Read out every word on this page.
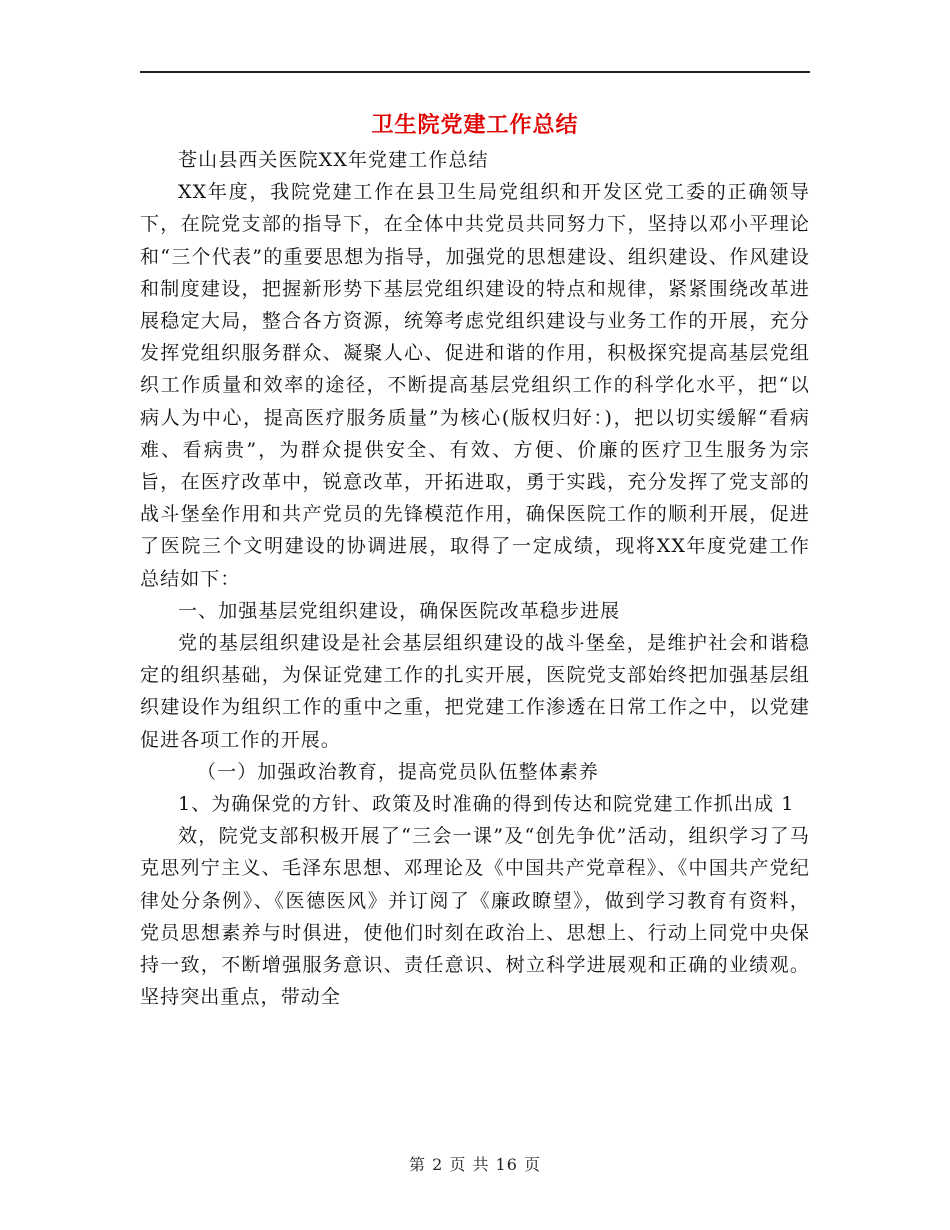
卫生院党建工作总结

苍山县西关医院XX年党建工作总结

XX年度，我院党建工作在县卫生局党组织和开发区党工委的正确领导下，在院党支部的指导下，在全体中共党员共同努力下，坚持以邓小平理论和“三个代表”的重要思想为指导，加强党的思想建设、组织建设、作风建设和制度建设，把握新形势下基层党组织建设的特点和规律，紧紧围绕改革进展稳定大局，整合各方资源，统筹考虑党组织建设与业务工作的开展，充分发挥党组织服务群众、凝聚人心、促进和谐的作用，积极探究提高基层党组织工作质量和效率的途径，不断提高基层党组织工作的科学化水平，把“以病人为中心，提高医疗服务质量”为核心(版权归好：)，把以切实缓解“看病难、看病贵”，为群众提供安全、有效、方便、价廉的医疗卫生服务为宗旨，在医疗改革中，锐意改革，开拓进取，勇于实践，充分发挥了党支部的战斗堡垒作用和共产党员的先锋模范作用，确保医院工作的顺利开展，促进了医院三个文明建设的协调进展，取得了一定成绩，现将XX年度党建工作总结如下：

一、加强基层党组织建设，确保医院改革稳步进展

党的基层组织建设是社会基层组织建设的战斗堡垒，是维护社会和谐稳定的组织基础，为保证党建工作的扎实开展，医院党支部始终把加强基层组织建设作为组织工作的重中之重，把党建工作渗透在日常工作之中，以党建促进各项工作的开展。

（一）加强政治教育，提高党员队伍整体素养

1、为确保党的方针、政策及时准确的得到传达和院党建工作抓出成 1

效，院党支部积极开展了“三会一课”及“创先争优”活动，组织学习了马克思列宁主义、毛泽东思想、邓理论及《中国共产党章程》、《中国共产党纪律处分条例》、《医德医风》并订阅了《廉政瞭望》，做到学习教育有资料，党员思想素养与时俱进，使他们时刻在政治上、思想上、行动上同党中央保持一致，不断增强服务意识、责任意识、树立科学进展观和正确的业绩观。坚持突出重点，带动全

第 2 页 共 16 页
